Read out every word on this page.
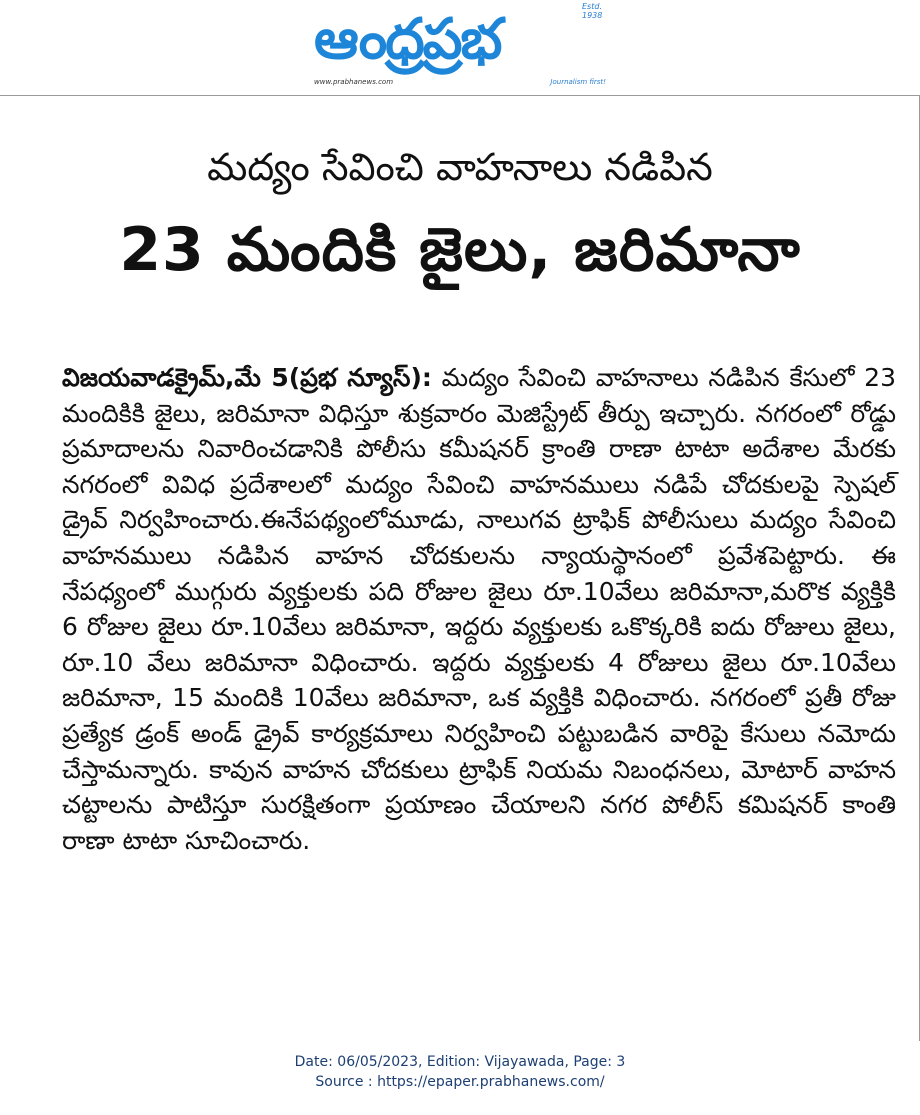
Estd. 1938
ఆంధ్రప్రభ
www.prabhanews.com	Journalism first!
మద్యం సేవించి వాహనాలు నడిపిన
23 మందికి జైలు, జరిమానా
విజయవాడక్రైమ్,మే 5(ప్రభ న్యూస్): మద్యం సేవించి వాహనాలు నడిపిన కేసులో 23 మందికికి జైలు, జరిమానా విధిస్తూ శుక్రవారం మెజిస్ట్రేట్ తీర్పు ఇచ్చారు. నగరంలో రోడ్డు ప్రమాదాలను నివారించడానికి పోలీసు కమీషనర్ క్రాంతి రాణా టాటా అదేశాల మేరకు నగరంలో వివిధ ప్రదేశాలలో మద్యం సేవించి వాహనములు నడిపే చోదకులపై స్పెషల్ డ్రైవ్ నిర్వహించారు.ఈనేపథ్యంలోమూడు, నాలుగవ ట్రాఫిక్ పోలీసులు మద్యం సేవించి వాహనములు నడిపిన వాహన చోదకులను న్యాయస్థానంలో ప్రవేశపెట్టారు. ఈ నేపధ్యంలో ముగ్గురు వ్యక్తులకు పది రోజుల జైలు రూ.10వేలు జరిమానా,మరొక వ్యక్తికి 6 రోజుల జైలు రూ.10వేలు జరిమానా, ఇద్దరు వ్యక్తులకు ఒకొక్కరికి ఐదు రోజులు జైలు, రూ.10 వేలు జరిమానా విధించారు. ఇద్దరు వ్యక్తులకు 4 రోజులు జైలు రూ.10వేలు జరిమానా, 15 మందికి 10వేలు జరిమానా, ఒక వ్యక్తికి విధించారు. నగరంలో ప్రతీ రోజు ప్రత్యేక డ్రంక్ అండ్ డ్రైవ్ కార్యక్రమాలు నిర్వహించి పట్టుబడిన వారిపై కేసులు నమోదు చేస్తామన్నారు. కావున వాహన చోదకులు ట్రాఫిక్ నియమ నిబంధనలు, మోటార్ వాహన చట్టాలను పాటిస్తూ సురక్షితంగా ప్రయాణం చేయాలని నగర పోలీస్ కమిషనర్ కాంతి రాణా టాటా సూచించారు.
Date: 06/05/2023, Edition: Vijayawada, Page: 3
Source : https://epaper.prabhanews.com/
